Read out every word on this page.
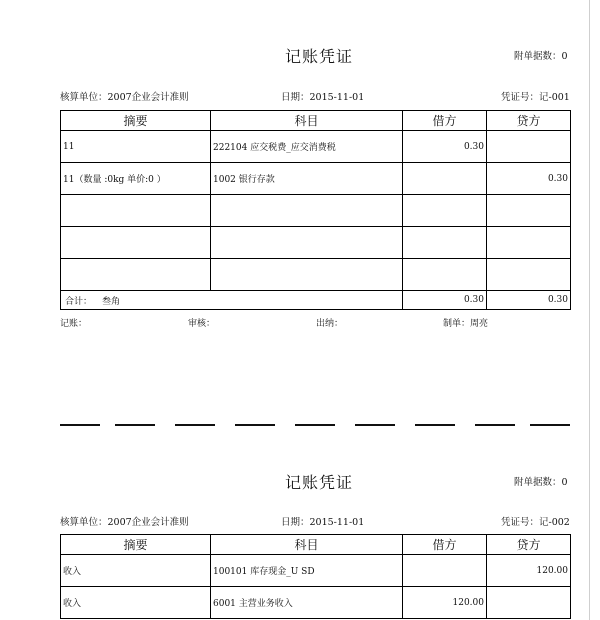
记账凭证	附单据数：0
核算单位：2007企业会计准则	日期：2015-11-01	凭证号：记-001
摘要	科目	借方	贷方
11	222104 应交税费_应交消费税	0.30	
11（数量 :0kg 单价:0 ）	1002 银行存款		0.30

合计： 叁角		0.30	0.30
记账：	审核：	出纳：	制单：周亮
记账凭证	附单据数：0
核算单位：2007企业会计准则	日期：2015-11-01	凭证号：记-002
摘要	科目	借方	贷方
收入	100101 库存现金_U SD		120.00
收入	6001 主营业务收入	120.00	
